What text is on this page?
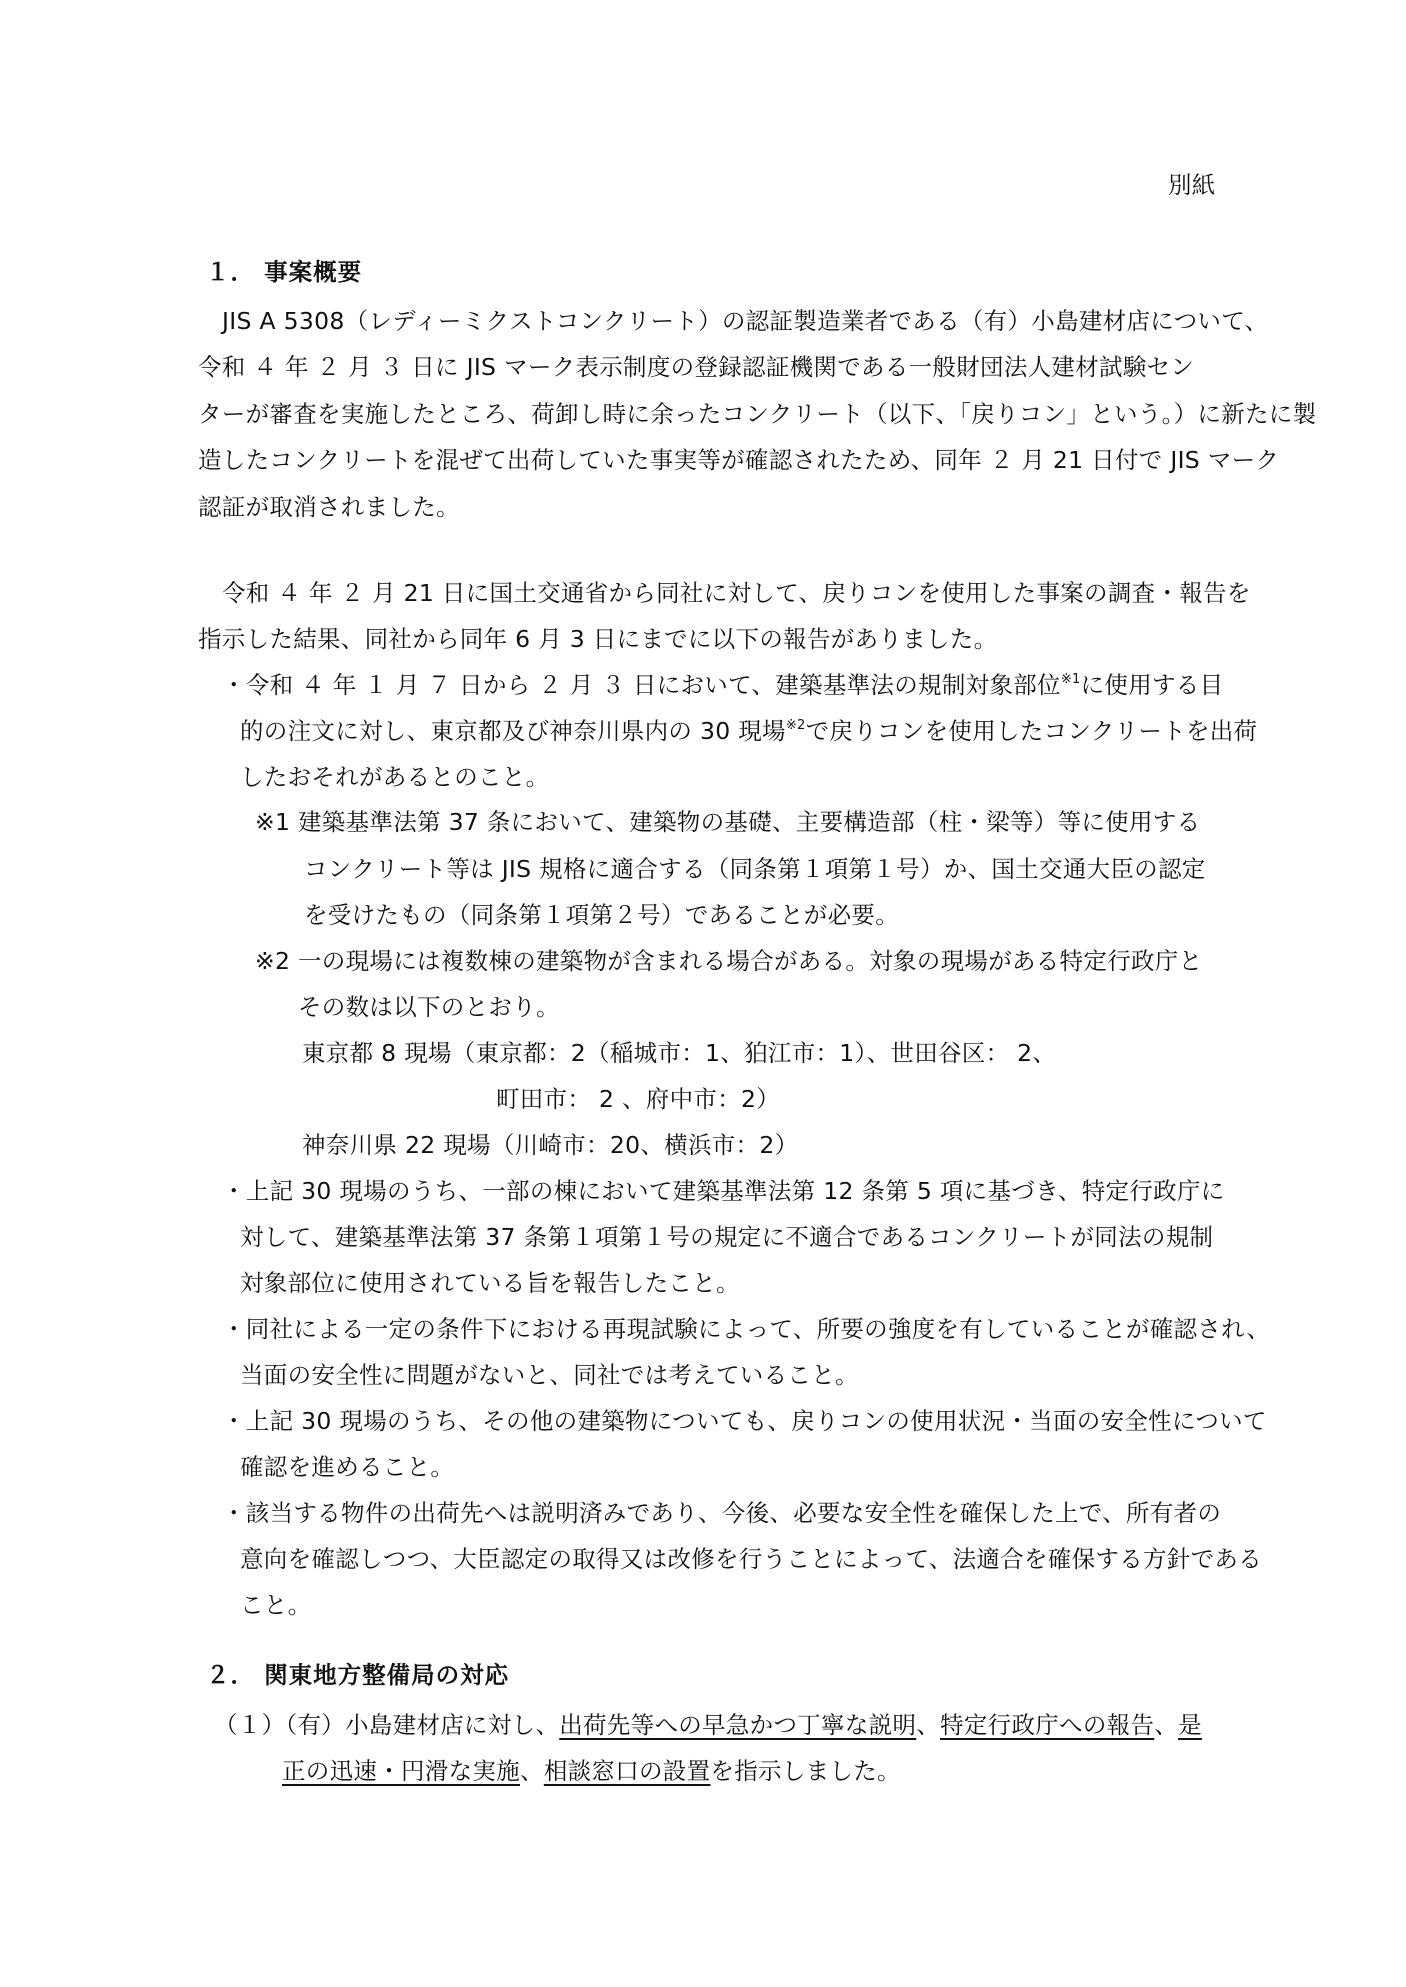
別紙
１． 事案概要
JIS A 5308（レディーミクストコンクリート）の認証製造業者である（有）小島建材店について、
令和 ４ 年 ２ 月 ３ 日に JIS マーク表示制度の登録認証機関である一般財団法人建材試験セン
ターが審査を実施したところ、荷卸し時に余ったコンクリート（以下、「戻りコン」という。）に新たに製
造したコンクリートを混ぜて出荷していた事実等が確認されたため、同年 ２ 月 21 日付で JIS マーク
認証が取消されました。
令和 ４ 年 ２ 月 21 日に国土交通省から同社に対して、戻りコンを使用した事案の調査・報告を
指示した結果、同社から同年 6 月 3 日にまでに以下の報告がありました。
・令和 ４ 年 １ 月 ７ 日から ２ 月 ３ 日において、建築基準法の規制対象部位$^{※1}$に使用する目
的の注文に対し、東京都及び神奈川県内の 30 現場$^{※2}$で戻りコンを使用したコンクリートを出荷
したおそれがあるとのこと。
※1 建築基準法第 37 条において、建築物の基礎、主要構造部（柱・梁等）等に使用する
コンクリート等は JIS 規格に適合する（同条第１項第１号）か、国土交通大臣の認定
を受けたもの（同条第１項第２号）であることが必要。
※2 一の現場には複数棟の建築物が含まれる場合がある。対象の現場がある特定行政庁と
その数は以下のとおり。
東京都 8 現場（東京都：2（稲城市：1、狛江市：1）、世田谷区： 2、
町田市： 2 、府中市：2）
神奈川県 22 現場（川崎市：20、横浜市：2）
・上記 30 現場のうち、一部の棟において建築基準法第 12 条第 5 項に基づき、特定行政庁に
対して、建築基準法第 37 条第１項第１号の規定に不適合であるコンクリートが同法の規制
対象部位に使用されている旨を報告したこと。
・同社による一定の条件下における再現試験によって、所要の強度を有していることが確認され、
当面の安全性に問題がないと、同社では考えていること。
・上記 30 現場のうち、その他の建築物についても、戻りコンの使用状況・当面の安全性について
確認を進めること。
・該当する物件の出荷先へは説明済みであり、今後、必要な安全性を確保した上で、所有者の
意向を確認しつつ、大臣認定の取得又は改修を行うことによって、法適合を確保する方針である
こと。
２． 関東地方整備局の対応
（１）（有）小島建材店に対し、出荷先等への早急かつ丁寧な説明、特定行政庁への報告、是
正の迅速・円滑な実施、相談窓口の設置を指示しました。
